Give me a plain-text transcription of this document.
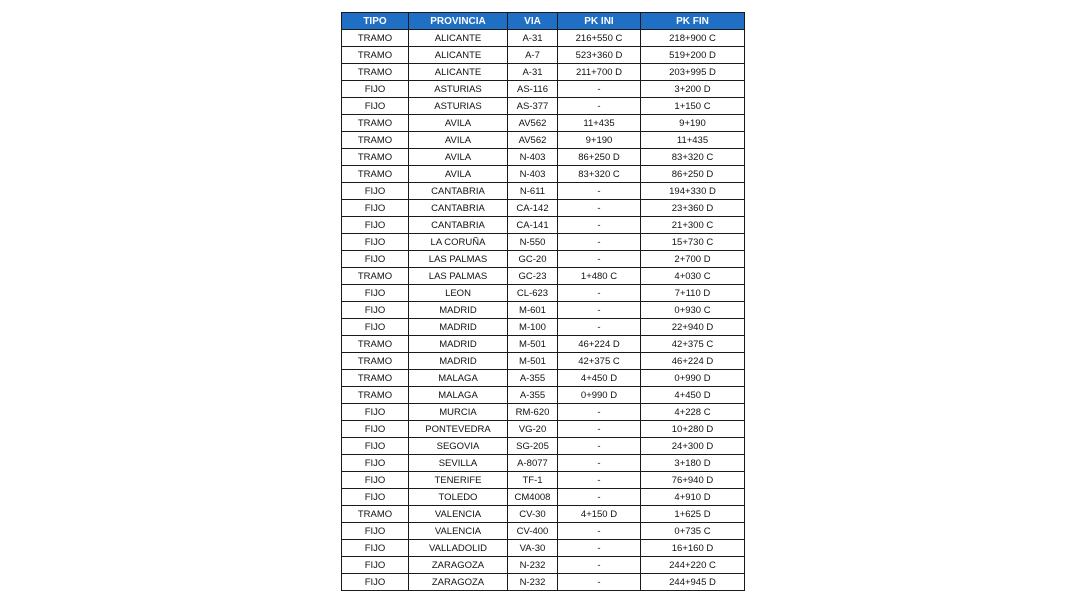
TIPO	PROVINCIA	VIA	PK INI	PK FIN
TRAMO	ALICANTE	A-31	216+550 C	218+900 C
TRAMO	ALICANTE	A-7	523+360 D	519+200 D
TRAMO	ALICANTE	A-31	211+700 D	203+995 D
FIJO	ASTURIAS	AS-116	-	3+200 D
FIJO	ASTURIAS	AS-377	-	1+150 C
TRAMO	AVILA	AV562	11+435	9+190
TRAMO	AVILA	AV562	9+190	11+435
TRAMO	AVILA	N-403	86+250 D	83+320 C
TRAMO	AVILA	N-403	83+320 C	86+250 D
FIJO	CANTABRIA	N-611	-	194+330 D
FIJO	CANTABRIA	CA-142	-	23+360 D
FIJO	CANTABRIA	CA-141	-	21+300 C
FIJO	LA CORUÑA	N-550	-	15+730 C
FIJO	LAS PALMAS	GC-20	-	2+700 D
TRAMO	LAS PALMAS	GC-23	1+480 C	4+030 C
FIJO	LEON	CL-623	-	7+110 D
FIJO	MADRID	M-601	-	0+930 C
FIJO	MADRID	M-100	-	22+940 D
TRAMO	MADRID	M-501	46+224 D	42+375 C
TRAMO	MADRID	M-501	42+375 C	46+224 D
TRAMO	MALAGA	A-355	4+450 D	0+990 D
TRAMO	MALAGA	A-355	0+990 D	4+450 D
FIJO	MURCIA	RM-620	-	4+228 C
FIJO	PONTEVEDRA	VG-20	-	10+280 D
FIJO	SEGOVIA	SG-205	-	24+300 D
FIJO	SEVILLA	A-8077	-	3+180 D
FIJO	TENERIFE	TF-1	-	76+940 D
FIJO	TOLEDO	CM4008	-	4+910 D
TRAMO	VALENCIA	CV-30	4+150 D	1+625 D
FIJO	VALENCIA	CV-400	-	0+735 C
FIJO	VALLADOLID	VA-30	-	16+160 D
FIJO	ZARAGOZA	N-232	-	244+220 C
FIJO	ZARAGOZA	N-232	-	244+945 D
